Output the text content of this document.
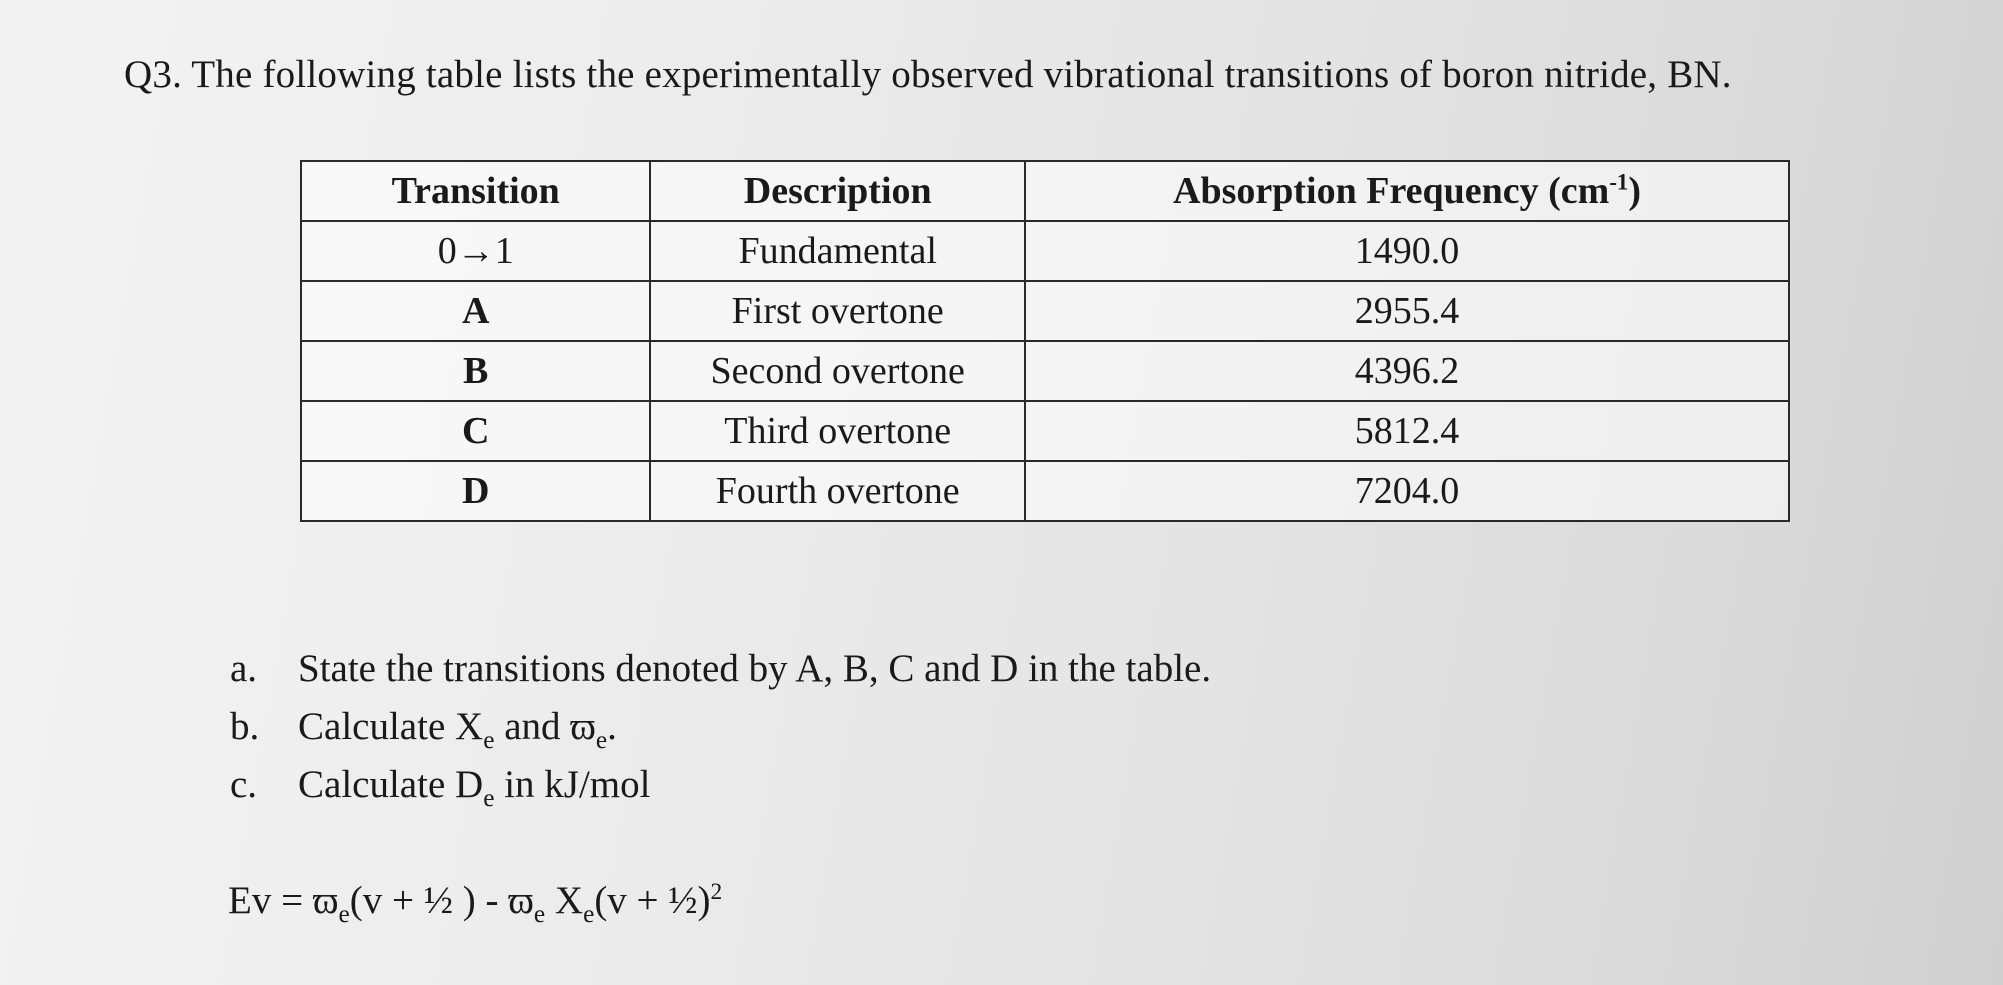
Q3. The following table lists the experimentally observed vibrational transitions of boron nitride, BN.
Transition	Description	Absorption Frequency $(cm^{-1})$
0→1	Fundamental	1490.0
A	First overtone	2955.4
B	Second overtone	4396.2
C	Third overtone	5812.4
D	Fourth overtone	7204.0
a. State the transitions denoted by A, B, C and D in the table.
b. Calculate $X_e$ and $ϖ_e$.
c. Calculate $D_e$ in kJ/mol
$Ev = ϖ_e(v$ + ½ ) - $ϖ_e$ $X_e(v$ + ½)$^2$
